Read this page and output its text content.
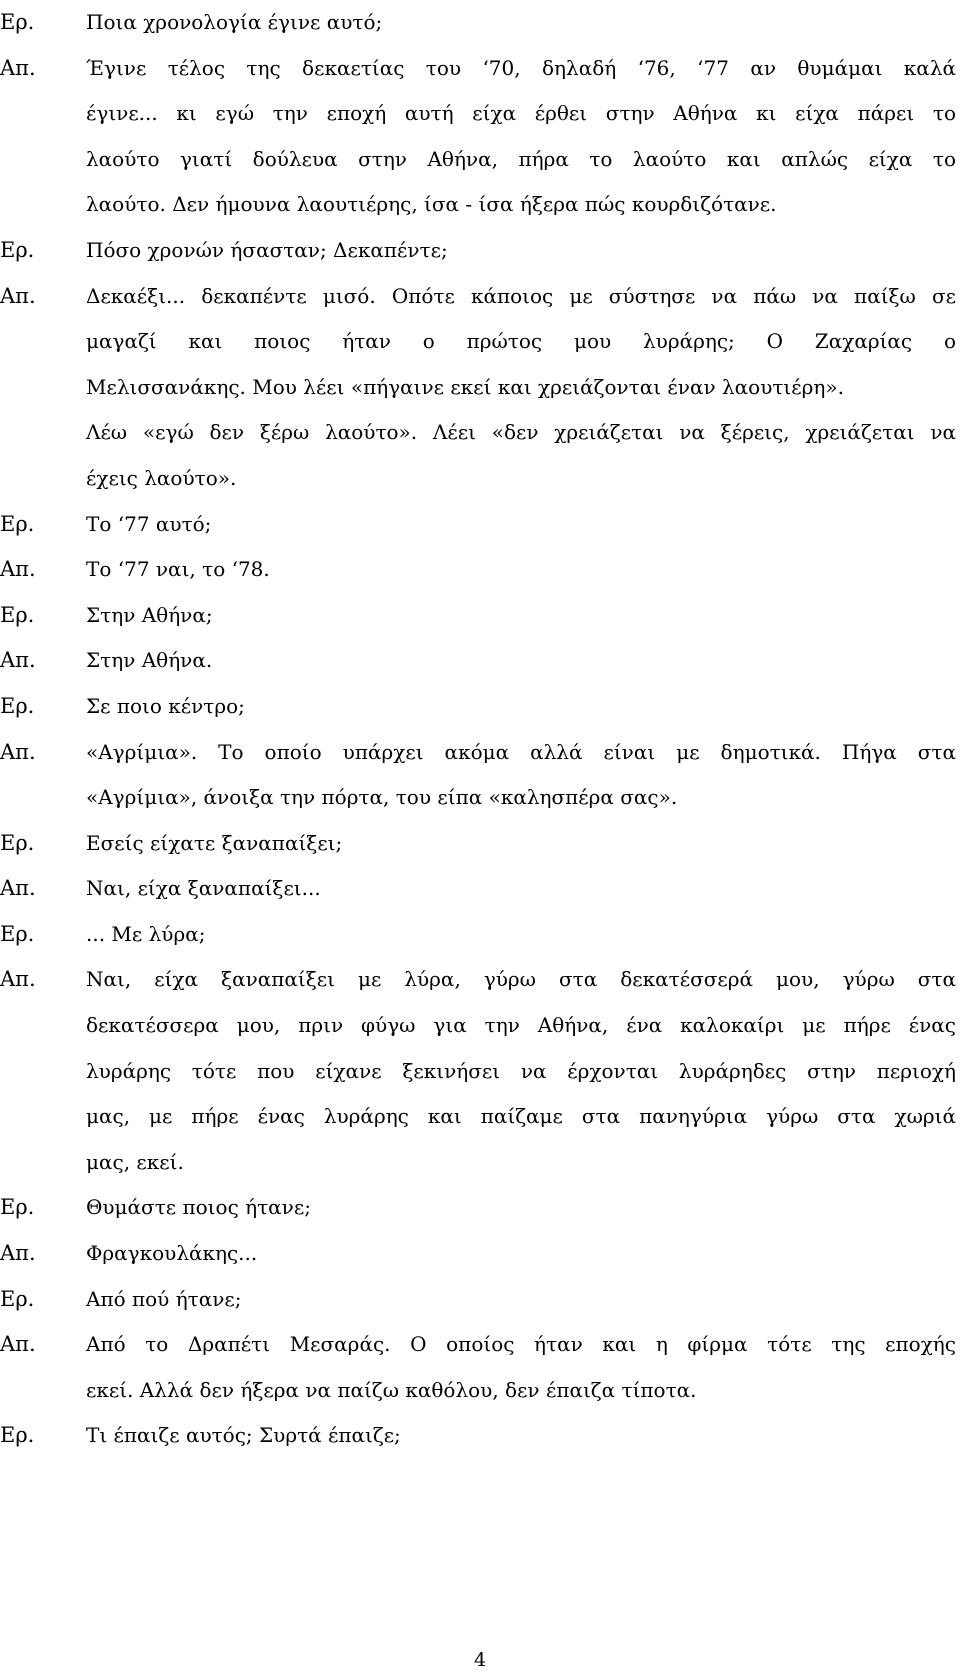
Ερ.	Ποια χρονολογία έγινε αυτό;
Απ.	Έγινε τέλος της δεκαετίας του ‘70, δηλαδή ‘76, ‘77 αν θυμάμαι καλά
έγινε... κι εγώ την εποχή αυτή είχα έρθει στην Αθήνα κι είχα πάρει το
λαούτο γιατί δούλευα στην Αθήνα, πήρα το λαούτο και απλώς είχα το
λαούτο. Δεν ήμουνα λαουτιέρης, ίσα - ίσα ήξερα πώς κουρδιζότανε.
Ερ.	Πόσο χρονών ήσασταν; Δεκαπέντε;
Απ.	Δεκαέξι... δεκαπέντε μισό. Οπότε κάποιος με σύστησε να πάω να παίξω σε
μαγαζί και ποιος ήταν ο πρώτος μου λυράρης; Ο Ζαχαρίας ο
Μελισσανάκης. Μου λέει «πήγαινε εκεί και χρειάζονται έναν λαουτιέρη».
Λέω «εγώ δεν ξέρω λαούτο». Λέει «δεν χρειάζεται να ξέρεις, χρειάζεται να
έχεις λαούτο».
Ερ.	Το ‘77 αυτό;
Απ.	Το ‘77 ναι, το ‘78.
Ερ.	Στην Αθήνα;
Απ.	Στην Αθήνα.
Ερ.	Σε ποιο κέντρο;
Απ.	«Αγρίμια». Το οποίο υπάρχει ακόμα αλλά είναι με δημοτικά. Πήγα στα
«Αγρίμια», άνοιξα την πόρτα, του είπα «καλησπέρα σας».
Ερ.	Εσείς είχατε ξαναπαίξει;
Απ.	Ναι, είχα ξαναπαίξει...
Ερ.	... Με λύρα;
Απ.	Ναι, είχα ξαναπαίξει με λύρα, γύρω στα δεκατέσσερά μου, γύρω στα
δεκατέσσερα μου, πριν φύγω για την Αθήνα, ένα καλοκαίρι με πήρε ένας
λυράρης τότε που είχανε ξεκινήσει να έρχονται λυράρηδες στην περιοχή
μας, με πήρε ένας λυράρης και παίζαμε στα πανηγύρια γύρω στα χωριά
μας, εκεί.
Ερ.	Θυμάστε ποιος ήτανε;
Απ.	Φραγκουλάκης...
Ερ.	Από πού ήτανε;
Απ.	Από το Δραπέτι Μεσαράς. Ο οποίος ήταν και η φίρμα τότε της εποχής
εκεί. Αλλά δεν ήξερα να παίζω καθόλου, δεν έπαιζα τίποτα.
Ερ.	Τι έπαιζε αυτός; Συρτά έπαιζε;
4
